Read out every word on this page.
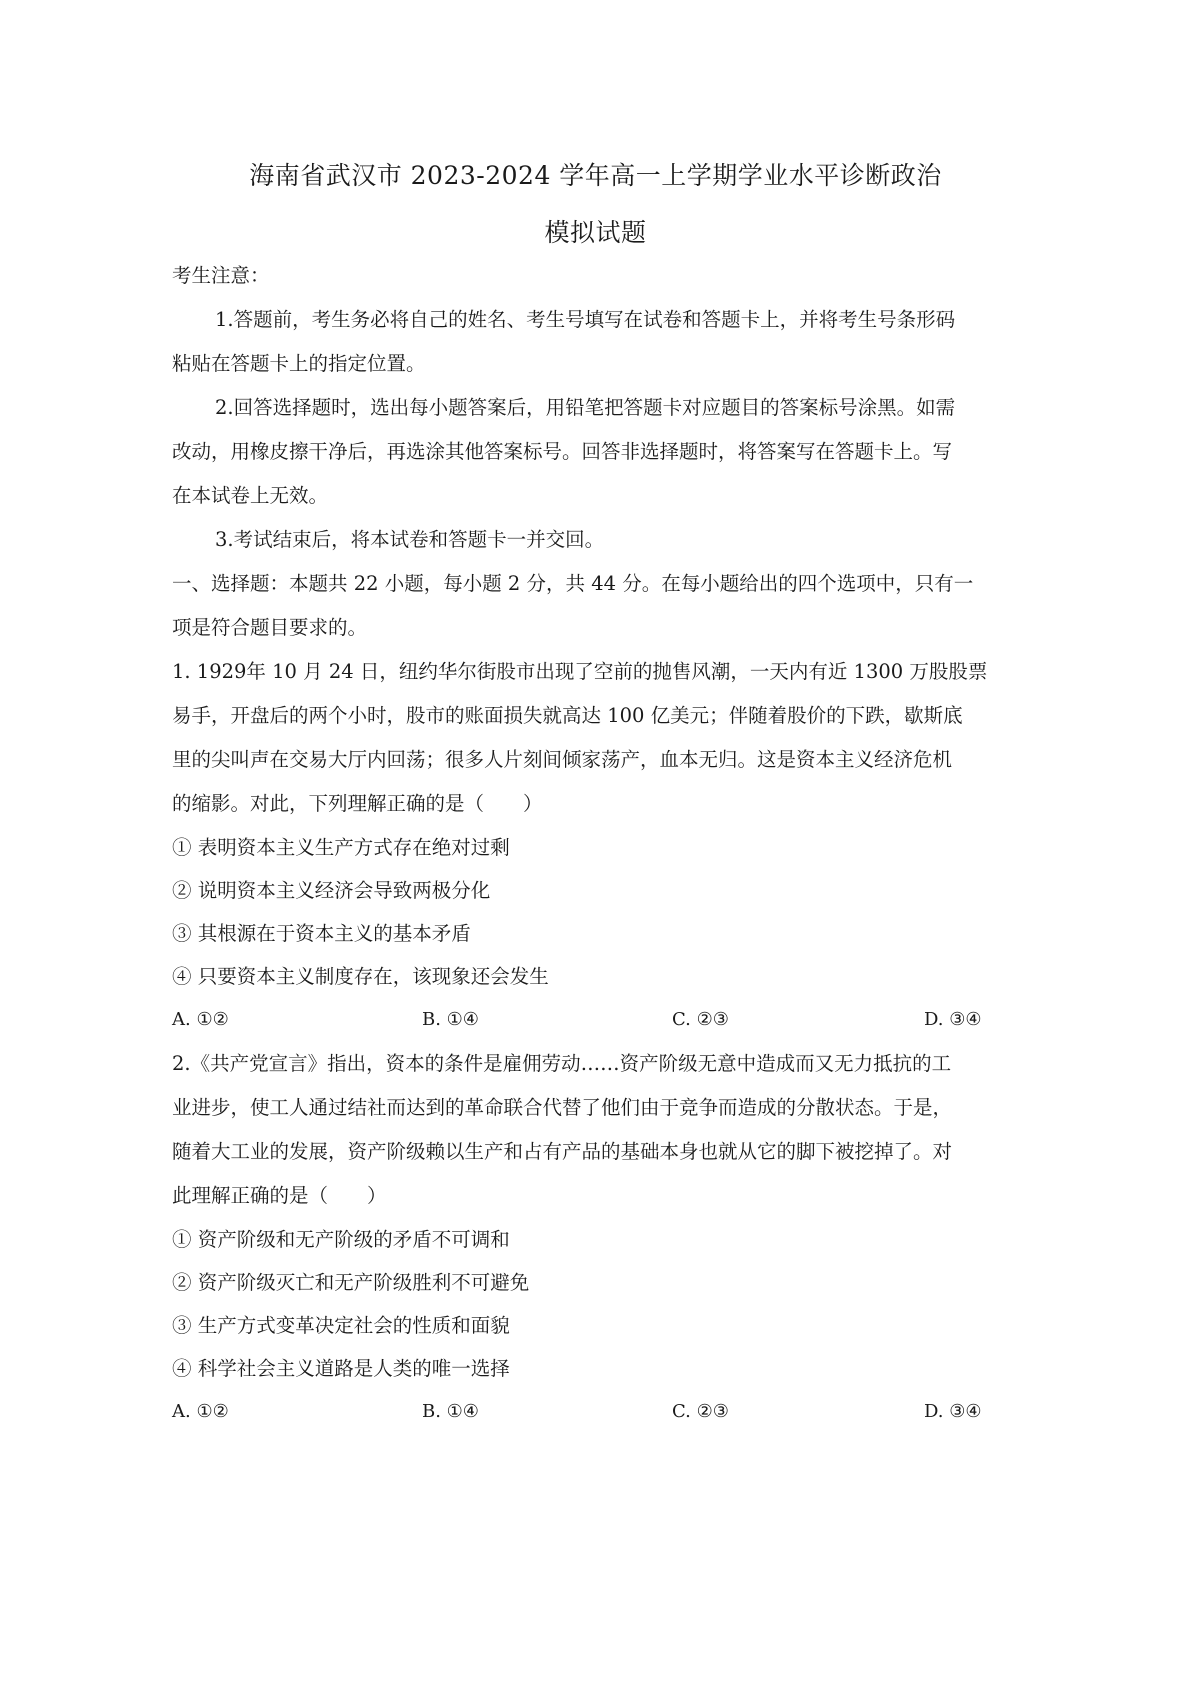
海南省武汉市 2023-2024 学年高一上学期学业水平诊断政治
模拟试题
考生注意：
1.答题前，考生务必将自己的姓名、考生号填写在试卷和答题卡上，并将考生号条形码
粘贴在答题卡上的指定位置。
2.回答选择题时，选出每小题答案后，用铅笔把答题卡对应题目的答案标号涂黑。如需
改动，用橡皮擦干净后，再选涂其他答案标号。回答非选择题时，将答案写在答题卡上。写
在本试卷上无效。
3.考试结束后，将本试卷和答题卡一并交回。
一、选择题：本题共 22 小题，每小题 2 分，共 44 分。在每小题给出的四个选项中，只有一
项是符合题目要求的。
1. 1929年 10 月 24 日，纽约华尔街股市出现了空前的抛售风潮，一天内有近 1300 万股股票
易手，开盘后的两个小时，股市的账面损失就高达 100 亿美元；伴随着股价的下跌，歇斯底
里的尖叫声在交易大厅内回荡；很多人片刻间倾家荡产，血本无归。这是资本主义经济危机
的缩影。对此，下列理解正确的是（　　）
① 表明资本主义生产方式存在绝对过剩
② 说明资本主义经济会导致两极分化
③ 其根源在于资本主义的基本矛盾
④ 只要资本主义制度存在，该现象还会发生
A. ①②	B. ①④	C. ②③	D. ③④
2.《共产党宣言》指出，资本的条件是雇佣劳动……资产阶级无意中造成而又无力抵抗的工
业进步，使工人通过结社而达到的革命联合代替了他们由于竞争而造成的分散状态。于是，
随着大工业的发展，资产阶级赖以生产和占有产品的基础本身也就从它的脚下被挖掉了。对
此理解正确的是（　　）
① 资产阶级和无产阶级的矛盾不可调和
② 资产阶级灭亡和无产阶级胜利不可避免
③ 生产方式变革决定社会的性质和面貌
④ 科学社会主义道路是人类的唯一选择
A. ①②	B. ①④	C. ②③	D. ③④
